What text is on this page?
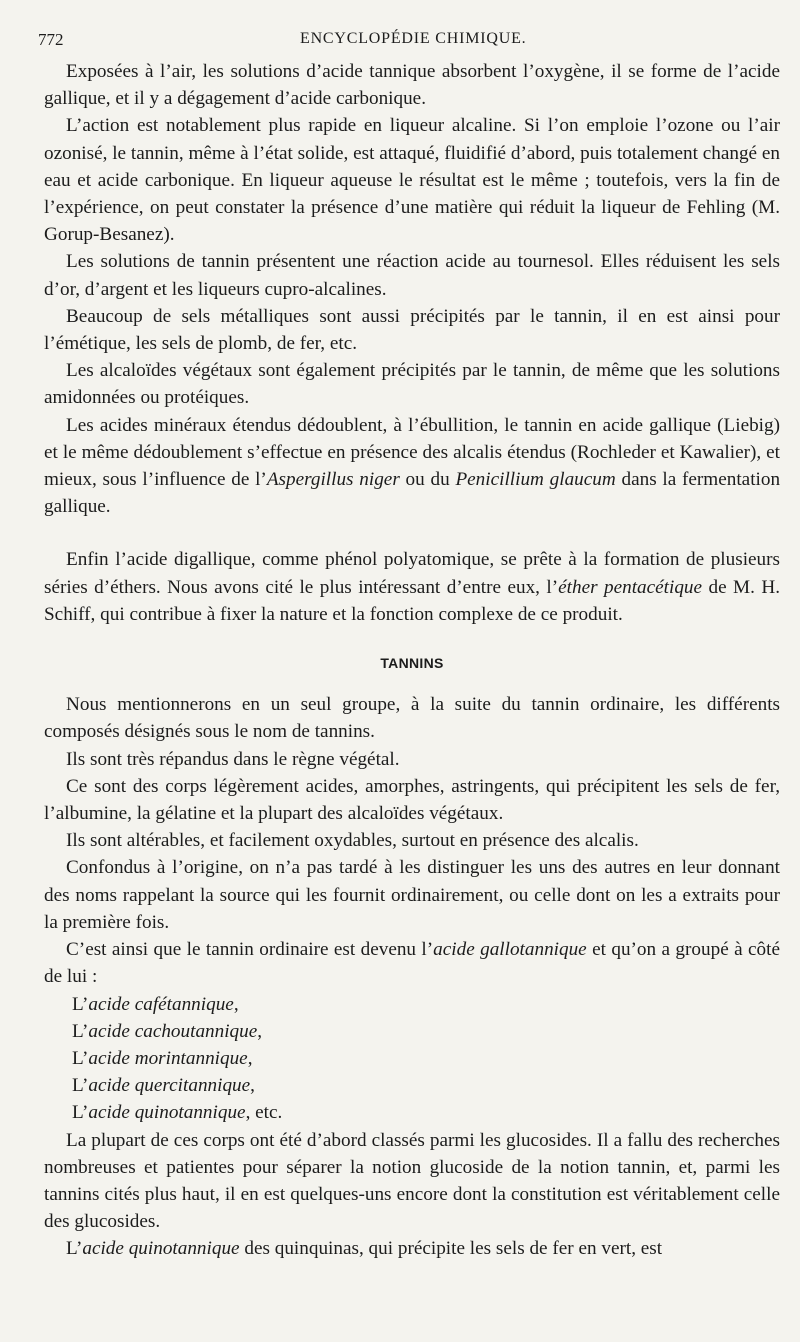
772	ENCYCLOPÉDIE CHIMIQUE.

Exposées à l’air, les solutions d’acide tannique absorbent l’oxygène, il se forme de l’acide gallique, et il y a dégagement d’acide carbonique.

L’action est notablement plus rapide en liqueur alcaline. Si l’on emploie l’ozone ou l’air ozonisé, le tannin, même à l’état solide, est attaqué, fluidifié d’abord, puis totalement changé en eau et acide carbonique. En liqueur aqueuse le résultat est le même ; toutefois, vers la fin de l’expérience, on peut constater la présence d’une matière qui réduit la liqueur de Fehling (M. Gorup-Besanez).

Les solutions de tannin présentent une réaction acide au tournesol. Elles réduisent les sels d’or, d’argent et les liqueurs cupro-alcalines.

Beaucoup de sels métalliques sont aussi précipités par le tannin, il en est ainsi pour l’émétique, les sels de plomb, de fer, etc.

Les alcaloïdes végétaux sont également précipités par le tannin, de même que les solutions amidonnées ou protéiques.

Les acides minéraux étendus dédoublent, à l’ébullition, le tannin en acide gallique (Liebig) et le même dédoublement s’effectue en présence des alcalis étendus (Rochleder et Kawalier), et mieux, sous l’influence de l’Aspergillus niger ou du Penicillium glaucum dans la fermentation gallique.

Enfin l’acide digallique, comme phénol polyatomique, se prête à la formation de plusieurs séries d’éthers. Nous avons cité le plus intéressant d’entre eux, l’éther pentacétique de M. H. Schiff, qui contribue à fixer la nature et la fonction complexe de ce produit.

TANNINS

Nous mentionnerons en un seul groupe, à la suite du tannin ordinaire, les différents composés désignés sous le nom de tannins.

Ils sont très répandus dans le règne végétal.

Ce sont des corps légèrement acides, amorphes, astringents, qui précipitent les sels de fer, l’albumine, la gélatine et la plupart des alcaloïdes végétaux.

Ils sont altérables, et facilement oxydables, surtout en présence des alcalis.

Confondus à l’origine, on n’a pas tardé à les distinguer les uns des autres en leur donnant des noms rappelant la source qui les fournit ordinairement, ou celle dont on les a extraits pour la première fois.

C’est ainsi que le tannin ordinaire est devenu l’acide gallotannique et qu’on a groupé à côté de lui :

L’acide cafétannique,

L’acide cachoutannique,

L’acide morintannique,

L’acide quercitannique,

L’acide quinotannique, etc.

La plupart de ces corps ont été d’abord classés parmi les glucosides. Il a fallu des recherches nombreuses et patientes pour séparer la notion glucoside de la notion tannin, et, parmi les tannins cités plus haut, il en est quelques-uns encore dont la constitution est véritablement celle des glucosides.

L’acide quinotannique des quinquinas, qui précipite les sels de fer en vert, est
